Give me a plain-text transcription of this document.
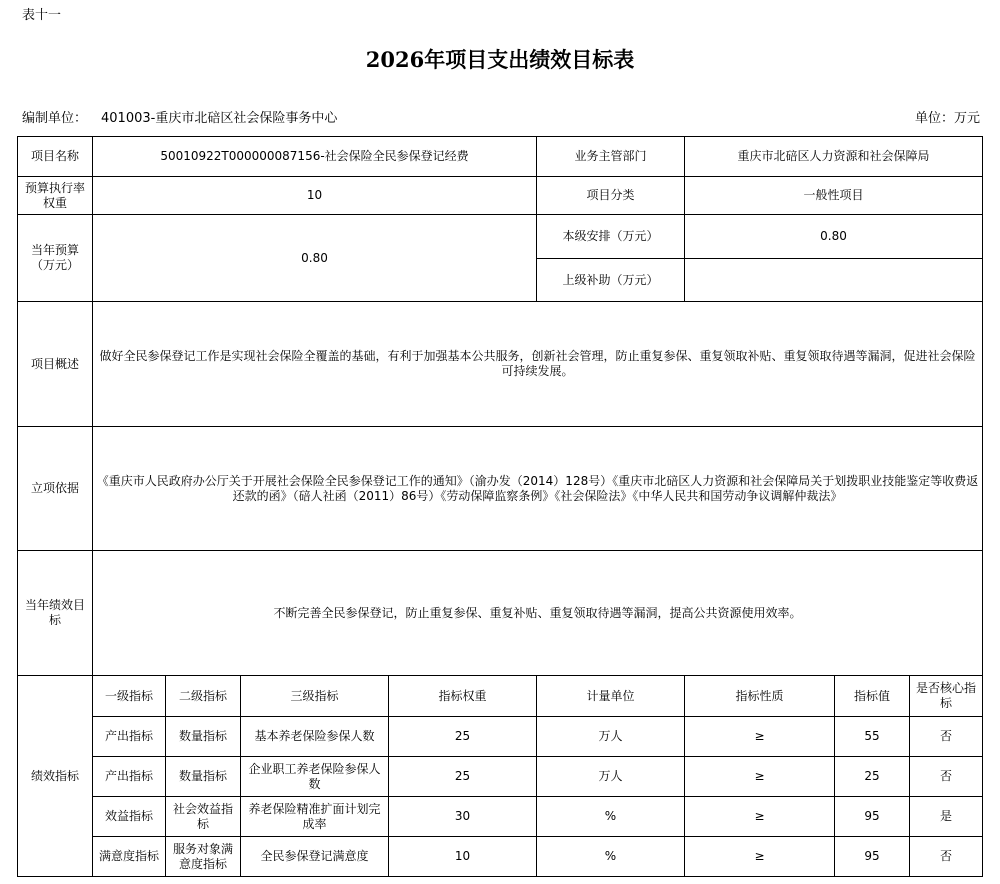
表十一
2026年项目支出绩效目标表
编制单位： 401003-重庆市北碚区社会保险事务中心	单位：万元
项目名称	50010922T000000087156-社会保险全民参保登记经费				业务主管部门	重庆市北碚区人力资源和社会保障局		
预算执行率权重	10				项目分类	一般性项目		
当年预算（万元）	0.80				本级安排（万元）	0.80		
					上级补助（万元）			
项目概述	做好全民参保登记工作是实现社会保险全覆盖的基础，有利于加强基本公共服务，创新社会管理，防止重复参保、重复领取补贴、重复领取待遇等漏洞，促进社会保险可持续发展。							
立项依据	《重庆市人民政府办公厅关于开展社会保险全民参保登记工作的通知》（渝办发（2014）128号）《重庆市北碚区人力资源和社会保障局关于划拨职业技能鉴定等收费返还款的函》（碚人社函（2011）86号）《劳动保障监察条例》《社会保险法》《中华人民共和国劳动争议调解仲裁法》							
当年绩效目标	不断完善全民参保登记，防止重复参保、重复补贴、重复领取待遇等漏洞，提高公共资源使用效率。							
绩效指标	一级指标	二级指标	三级指标	指标权重	计量单位	指标性质	指标值	是否核心指标
	产出指标	数量指标	基本养老保险参保人数	25	万人	≥	55	否
	产出指标	数量指标	企业职工养老保险参保人数	25	万人	≥	25	否
	效益指标	社会效益指标	养老保险精准扩面计划完成率	30	%	≥	95	是
	满意度指标	服务对象满意度指标	全民参保登记满意度	10	%	≥	95	否
